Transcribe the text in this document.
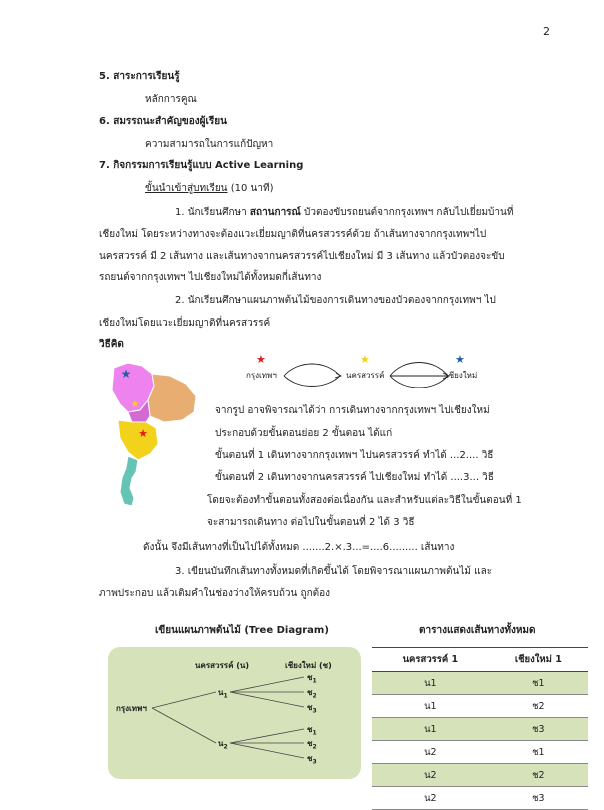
2
5. สาระการเรียนรู้
หลักการคูณ
6. สมรรถนะสำคัญของผู้เรียน
ความสามารถในการแก้ปัญหา
7. กิจกรรมการเรียนรู้แบบ Active Learning
ขั้นนำเข้าสู่บทเรียน (10 นาที)
1. นักเรียนศึกษา สถานการณ์ บัวตองขับรถยนต์จากกรุงเทพฯ กลับไปเยี่ยมบ้านที่
เชียงใหม่ โดยระหว่างทางจะต้องแวะเยี่ยมญาติที่นครสวรรค์ด้วย ถ้าเส้นทางจากกรุงเทพฯไป
นครสวรรค์ มี 2 เส้นทาง และเส้นทางจากนครสวรรค์ไปเชียงใหม่ มี 3 เส้นทาง แล้วบัวตองจะขับ
รถยนต์จากกรุงเทพฯ ไปเชียงใหม่ได้ทั้งหมดกี่เส้นทาง
2. นักเรียนศึกษาแผนภาพต้นไม้ของการเดินทางของบัวตองจากกรุงเทพฯ ไป
เชียงใหม่โดยแวะเยี่ยมญาติที่นครสวรรค์
วิธีคิด
★
★
★
★	★	★
กรุงเทพฯ	นครสวรรค์	เชียงใหม่
จากรูป อาจพิจารณาได้ว่า การเดินทางจากกรุงเทพฯ ไปเชียงใหม่
ประกอบด้วยขั้นตอนย่อย 2 ขั้นตอน ได้แก่
ขั้นตอนที่ 1 เดินทางจากกรุงเทพฯ ไปนครสวรรค์ ทำได้ ...2.... วิธี
ขั้นตอนที่ 2 เดินทางจากนครสวรรค์ ไปเชียงใหม่ ทำได้ ....3... วิธี
โดยจะต้องทำขั้นตอนทั้งสองต่อเนื่องกัน และสำหรับแต่ละวิธีในขั้นตอนที่ 1
จะสามารถเดินทาง ต่อไปในขั้นตอนที่ 2 ได้ 3 วิธี
ดังนั้น จึงมีเส้นทางที่เป็นไปได้ทั้งหมด .......2.×.3...=....6......... เส้นทาง
3. เขียนบันทึกเส้นทางทั้งหมดที่เกิดขึ้นได้ โดยพิจารณาแผนภาพต้นไม้ และ
ภาพประกอบ แล้วเติมคำในช่องว่างให้ครบถ้วน ถูกต้อง
เขียนแผนภาพต้นไม้ (Tree Diagram)
นครสวรรค์ (น)	เชียงใหม่ (ช)
กรุงเทพฯ
น$_1$
น$_2$
ช$_1$
ช$_2$
ช$_3$
ช$_1$
ช$_2$
ช$_3$
ตารางแสดงเส้นทางทั้งหมด
นครสวรรค์ 1	เชียงใหม่ 1
น1	ช1
น1	ช2
น1	ช3
น2	ช1
น2	ช2
น2	ช3
